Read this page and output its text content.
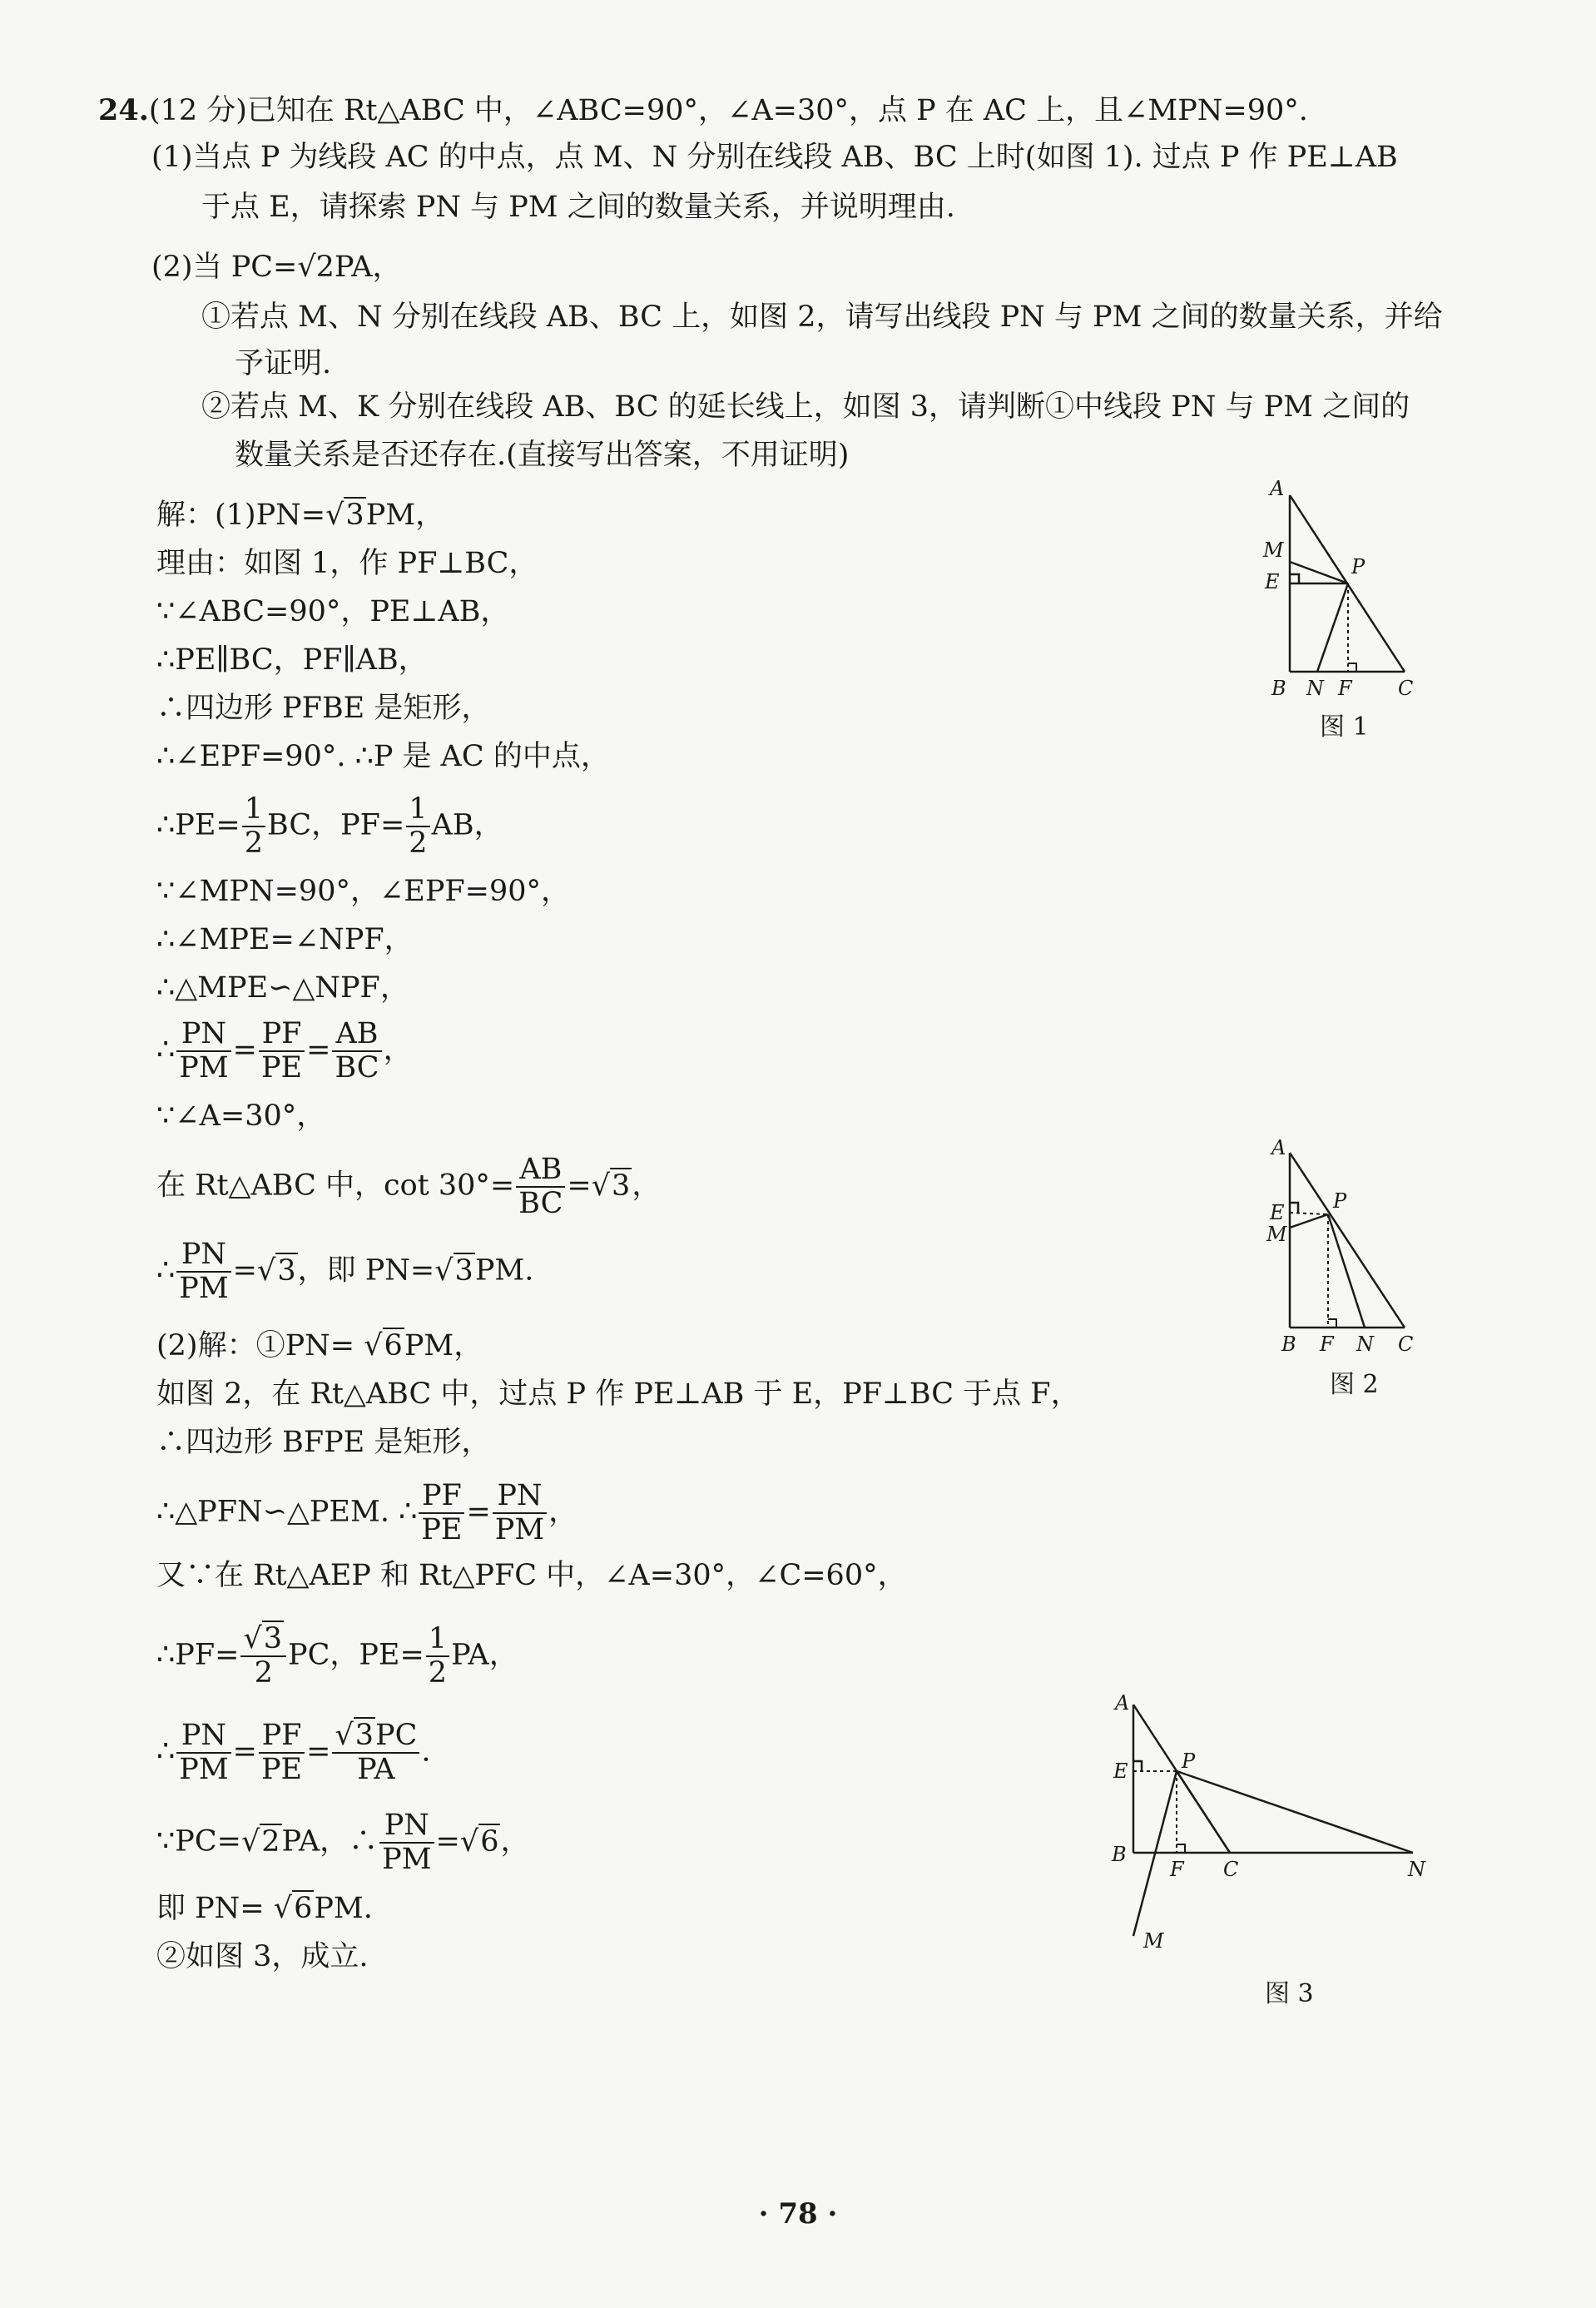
24.(12 分)已知在 Rt△ABC 中，∠ABC=90°，∠A=30°，点 P 在 AC 上，且∠MPN=90°.
(1)当点 P 为线段 AC 的中点，点 M、N 分别在线段 AB、BC 上时(如图 1). 过点 P 作 PE⊥AB
于点 E，请探索 PN 与 PM 之间的数量关系，并说明理由.
(2)当 PC=√2PA，
①若点 M、N 分别在线段 AB、BC 上，如图 2，请写出线段 PN 与 PM 之间的数量关系，并给
予证明.
②若点 M、K 分别在线段 AB、BC 的延长线上，如图 3，请判断①中线段 PN 与 PM 之间的
数量关系是否还存在.(直接写出答案，不用证明)
解：(1)PN=√3PM，
理由：如图 1，作 PF⊥BC，
∵∠ABC=90°，PE⊥AB，
∴PE∥BC，PF∥AB，
∴四边形 PFBE 是矩形，
∴∠EPF=90°. ∴P 是 AC 的中点，
∴PE= $\frac{1}{2}$ BC，$PF= \frac{1}{2}$ AB，
∵∠MPN=90°，∠EPF=90°，
∴∠MPE=∠NPF，
∴△MPE∽△NPF，
∴ $\frac{PN}{PM} = \frac{PF}{PE} = \frac{AB}{BC}$ ，
∵∠A=30°，
在 Rt△ABC 中，$\cot 30^\circ= \frac{AB}{BC} =√3$，
∴ $\frac{PN}{PM} =√3$，即 PN=√3PM.
(2)解：①PN= √6PM，
如图 2，在 Rt△ABC 中，过点 P 作 PE⊥AB 于 E，PF⊥BC 于点 F，
∴四边形 BFPE 是矩形，
∴△PFN∽△PEM. ∴ $\frac{PF}{PE} = \frac{PN}{PM}$ ，
又∵在 Rt△AEP 和 Rt△PFC 中，∠A=30°，∠C=60°，
∴PF= $\frac{√3}{2}$ PC，$PE= \frac{1}{2}$ PA，
∴ $\frac{PN}{PM} = \frac{PF}{PE} = \frac{√3PC}{PA}$ .
∵PC=√2PA，∴ $\frac{PN}{PM} =√6$，
即 PN= √6PM.
②如图 3，成立.
A
M
E
P
B N F C
图 1
A
E
M
P
B F N C
图 2
A
E	P
B
F C	N
M
图 3
· 78 ·
